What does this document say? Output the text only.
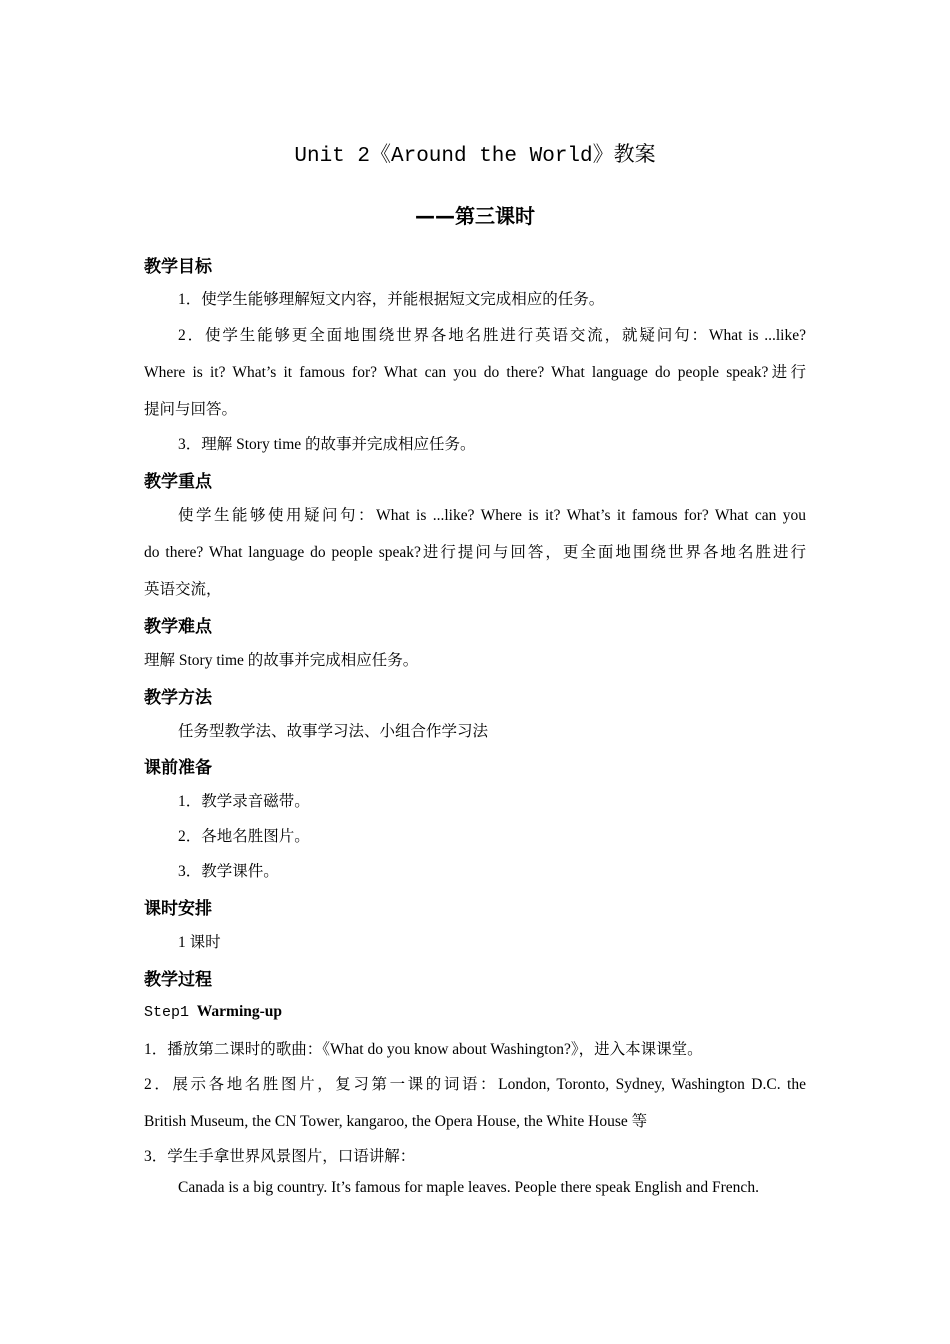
Unit 2《Around the World》教案
——第三课时
教学目标
1．使学生能够理解短文内容，并能根据短文完成相应的任务。
2．使学生能够更全面地围绕世界各地名胜进行英语交流，就疑问句：What is ...like?
Where is it? What’s it famous for? What can you do there? What language do people speak?进行
提问与回答。
3．理解 Story time 的故事并完成相应任务。
教学重点
使学生能够使用疑问句：What is ...like? Where is it? What’s it famous for? What can you
do there? What language do people speak?进行提问与回答，更全面地围绕世界各地名胜进行
英语交流，
教学难点
理解 Story time 的故事并完成相应任务。
教学方法
任务型教学法、故事学习法、小组合作学习法
课前准备
1．教学录音磁带。
2．各地名胜图片。
3．教学课件。
课时安排
1 课时
教学过程
Step1 Warming-up
1．播放第二课时的歌曲：《What do you know about Washington?》，进入本课课堂。
2．展示各地名胜图片，复习第一课的词语：London, Toronto, Sydney, Washington D.C. the
British Museum, the CN Tower, kangaroo, the Opera House, the White House 等
3．学生手拿世界风景图片，口语讲解：
Canada is a big country. It’s famous for maple leaves. People there speak English and French.
